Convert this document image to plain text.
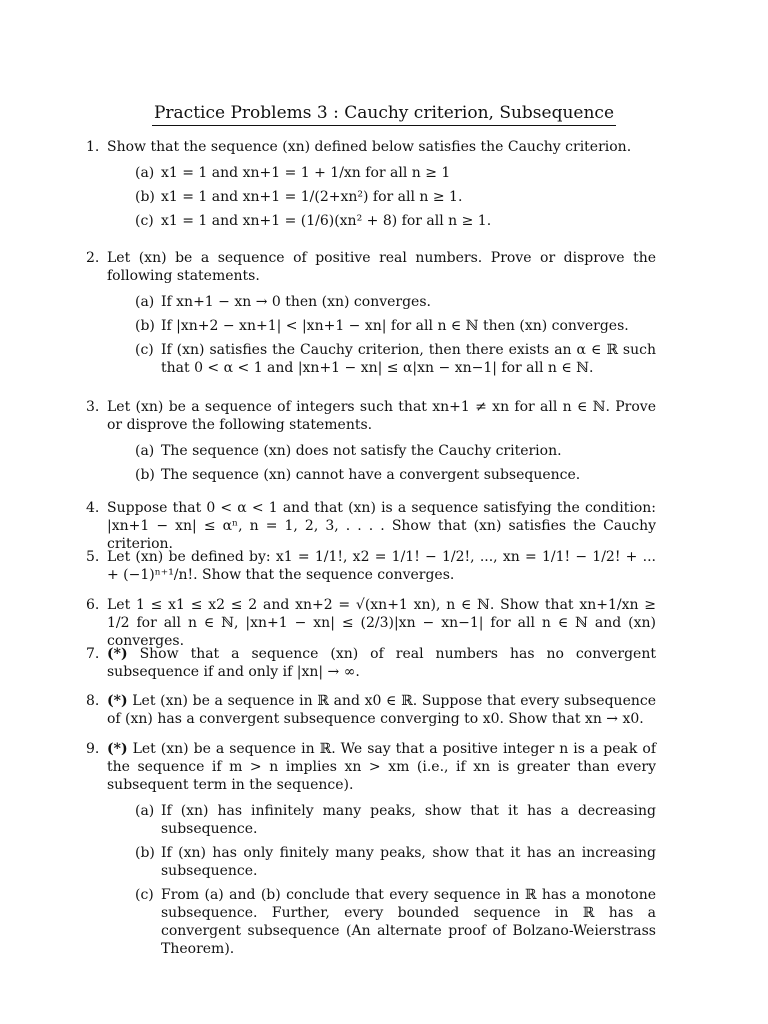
Practice Problems 3 : Cauchy criterion, Subsequence
1. Show that the sequence (xn) defined below satisfies the Cauchy criterion.

(a) x1 = 1 and xn+1 = 1 + 1/xn for all n ≥ 1
(b) x1 = 1 and xn+1 = 1/(2+xn²) for all n ≥ 1.
(c) x1 = 1 and xn+1 = (1/6)(xn² + 8) for all n ≥ 1.
2. Let (xn) be a sequence of positive real numbers. Prove or disprove the following statements.

(a) If xn+1 − xn → 0 then (xn) converges.
(b) If |xn+2 − xn+1| < |xn+1 − xn| for all n ∈ ℕ then (xn) converges.
(c) If (xn) satisfies the Cauchy criterion, then there exists an α ∈ ℝ such that 0 < α < 1 and |xn+1 − xn| ≤ α|xn − xn−1| for all n ∈ ℕ.
3. Let (xn) be a sequence of integers such that xn+1 ≠ xn for all n ∈ ℕ. Prove or disprove the following statements.

(a) The sequence (xn) does not satisfy the Cauchy criterion.
(b) The sequence (xn) cannot have a convergent subsequence.
4. Suppose that 0 < α < 1 and that (xn) is a sequence satisfying the condition: |xn+1 − xn| ≤ αⁿ, n = 1, 2, 3, . . . . Show that (xn) satisfies the Cauchy criterion.

5. Let (xn) be defined by: x1 = 1/1!, x2 = 1/1! − 1/2!, ..., xn = 1/1! − 1/2! + ... + (−1)ⁿ⁺¹/n!. Show that the sequence converges.

6. Let 1 ≤ x1 ≤ x2 ≤ 2 and xn+2 = √(xn+1 xn), n ∈ ℕ. Show that xn+1/xn ≥ 1/2 for all n ∈ ℕ, |xn+1 − xn| ≤ (2/3)|xn − xn−1| for all n ∈ ℕ and (xn) converges.

7. (*) Show that a sequence (xn) of real numbers has no convergent subsequence if and only if |xn| → ∞.

8. (*) Let (xn) be a sequence in ℝ and x0 ∈ ℝ. Suppose that every subsequence of (xn) has a convergent subsequence converging to x0. Show that xn → x0.

9. (*) Let (xn) be a sequence in ℝ. We say that a positive integer n is a peak of the sequence if m > n implies xn > xm (i.e., if xn is greater than every subsequent term in the sequence).

(a) If (xn) has infinitely many peaks, show that it has a decreasing subsequence.
(b) If (xn) has only finitely many peaks, show that it has an increasing subsequence.
(c) From (a) and (b) conclude that every sequence in ℝ has a monotone subsequence. Further, every bounded sequence in ℝ has a convergent subsequence (An alternate proof of Bolzano-Weierstrass Theorem).
